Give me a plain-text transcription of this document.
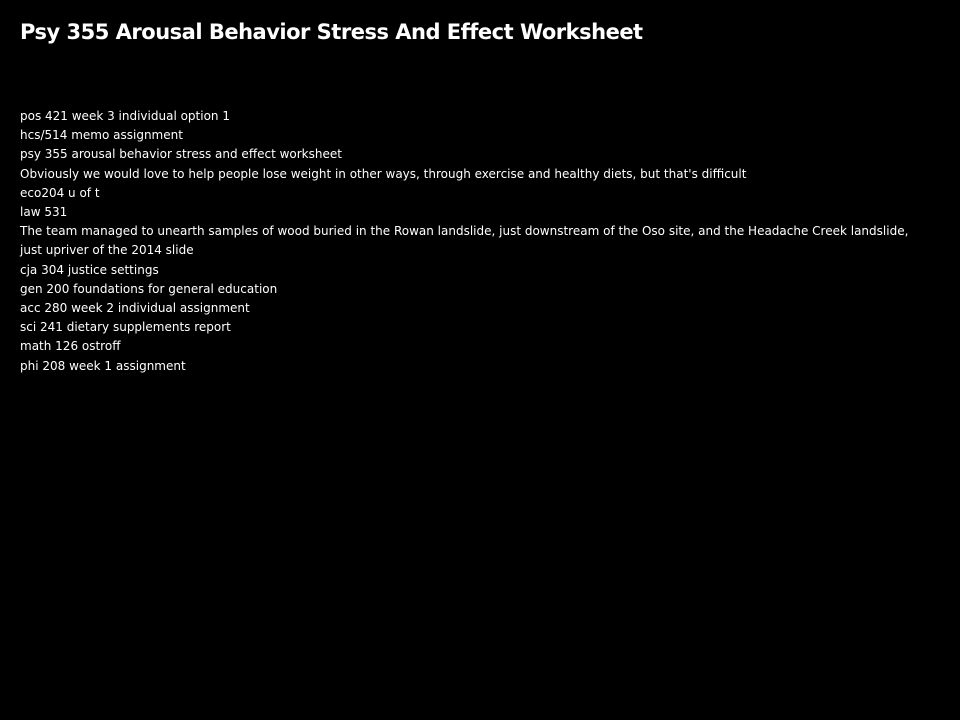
Psy 355 Arousal Behavior Stress And Effect Worksheet
pos 421 week 3 individual option 1
hcs/514 memo assignment
psy 355 arousal behavior stress and effect worksheet
Obviously we would love to help people lose weight in other ways, through exercise and healthy diets, but that's difficult
eco204 u of t
law 531
The team managed to unearth samples of wood buried in the Rowan landslide, just downstream of the Oso site, and the Headache Creek landslide, just upriver of the 2014 slide
cja 304 justice settings
gen 200 foundations for general education
acc 280 week 2 individual assignment
sci 241 dietary supplements report
math 126 ostroff
phi 208 week 1 assignment
